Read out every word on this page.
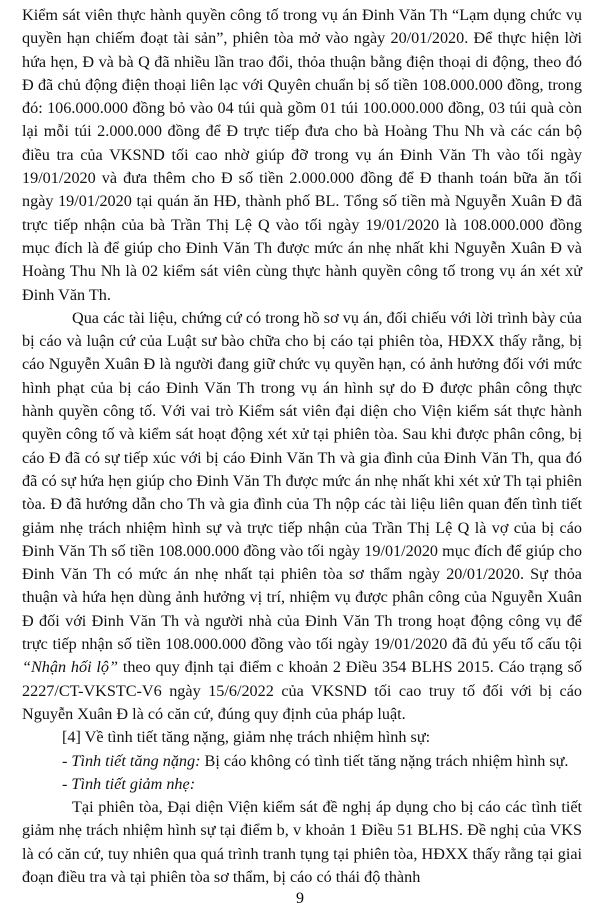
Kiểm sát viên thực hành quyền công tố trong vụ án Đinh Văn Th “Lạm dụng chức vụ quyền hạn chiếm đoạt tài sản”, phiên tòa mở vào ngày 20/01/2020. Để thực hiện lời hứa hẹn, Đ và bà Q đã nhiều lần trao đổi, thỏa thuận bằng điện thoại di động, theo đó Đ đã chủ động điện thoại liên lạc với Quyên chuẩn bị số tiền 108.000.000 đồng, trong đó: 106.000.000 đồng bỏ vào 04 túi quà gồm 01 túi 100.000.000 đồng, 03 túi quà còn lại mỗi túi 2.000.000 đồng để Đ trực tiếp đưa cho bà Hoàng Thu Nh và các cán bộ điều tra của VKSND tối cao nhờ giúp đỡ trong vụ án Đinh Văn Th vào tối ngày 19/01/2020 và đưa thêm cho Đ số tiền 2.000.000 đồng để Đ thanh toán bữa ăn tối ngày 19/01/2020 tại quán ăn HĐ, thành phố BL. Tổng số tiền mà Nguyễn Xuân Đ đã trực tiếp nhận của bà Trần Thị Lệ Q vào tối ngày 19/01/2020 là 108.000.000 đồng mục đích là để giúp cho Đinh Văn Th được mức án nhẹ nhất khi Nguyễn Xuân Đ và Hoàng Thu Nh là 02 kiểm sát viên cùng thực hành quyền công tố trong vụ án xét xử Đinh Văn Th.

Qua các tài liệu, chứng cứ có trong hồ sơ vụ án, đối chiếu với lời trình bày của bị cáo và luận cứ của Luật sư bào chữa cho bị cáo tại phiên tòa, HĐXX thấy rằng, bị cáo Nguyễn Xuân Đ là người đang giữ chức vụ quyền hạn, có ảnh hưởng đối với mức hình phạt của bị cáo Đinh Văn Th trong vụ án hình sự do Đ được phân công thực hành quyền công tố. Với vai trò Kiểm sát viên đại diện cho Viện kiểm sát thực hành quyền công tố và kiểm sát hoạt động xét xử tại phiên tòa. Sau khi được phân công, bị cáo Đ đã có sự tiếp xúc với bị cáo Đinh Văn Th và gia đình của Đinh Văn Th, qua đó đã có sự hứa hẹn giúp cho Đinh Văn Th được mức án nhẹ nhất khi xét xử Th tại phiên tòa. Đ đã hướng dẫn cho Th và gia đình của Th nộp các tài liệu liên quan đến tình tiết giảm nhẹ trách nhiệm hình sự và trực tiếp nhận của Trần Thị Lệ Q là vợ của bị cáo Đinh Văn Th số tiền 108.000.000 đồng vào tối ngày 19/01/2020 mục đích để giúp cho Đinh Văn Th có mức án nhẹ nhất tại phiên tòa sơ thẩm ngày 20/01/2020. Sự thỏa thuận và hứa hẹn dùng ảnh hưởng vị trí, nhiệm vụ được phân công của Nguyễn Xuân Đ đối với Đinh Văn Th và người nhà của Đinh Văn Th trong hoạt động công vụ để trực tiếp nhận số tiền 108.000.000 đồng vào tối ngày 19/01/2020 đã đủ yếu tố cấu tội “Nhận hối lộ” theo quy định tại điểm c khoản 2 Điều 354 BLHS 2015. Cáo trạng số 2227/CT-VKSTC-V6 ngày 15/6/2022 của VKSND tối cao truy tố đối với bị cáo Nguyễn Xuân Đ là có căn cứ, đúng quy định của pháp luật.

[4] Về tình tiết tăng nặng, giảm nhẹ trách nhiệm hình sự:

- Tình tiết tăng nặng: Bị cáo không có tình tiết tăng nặng trách nhiệm hình sự.

- Tình tiết giảm nhẹ:

Tại phiên tòa, Đại diện Viện kiểm sát đề nghị áp dụng cho bị cáo các tình tiết giảm nhẹ trách nhiệm hình sự tại điểm b, v khoản 1 Điều 51 BLHS. Đề nghị của VKS là có căn cứ, tuy nhiên qua quá trình tranh tụng tại phiên tòa, HĐXX thấy rằng tại giai đoạn điều tra và tại phiên tòa sơ thẩm, bị cáo có thái độ thành

9
